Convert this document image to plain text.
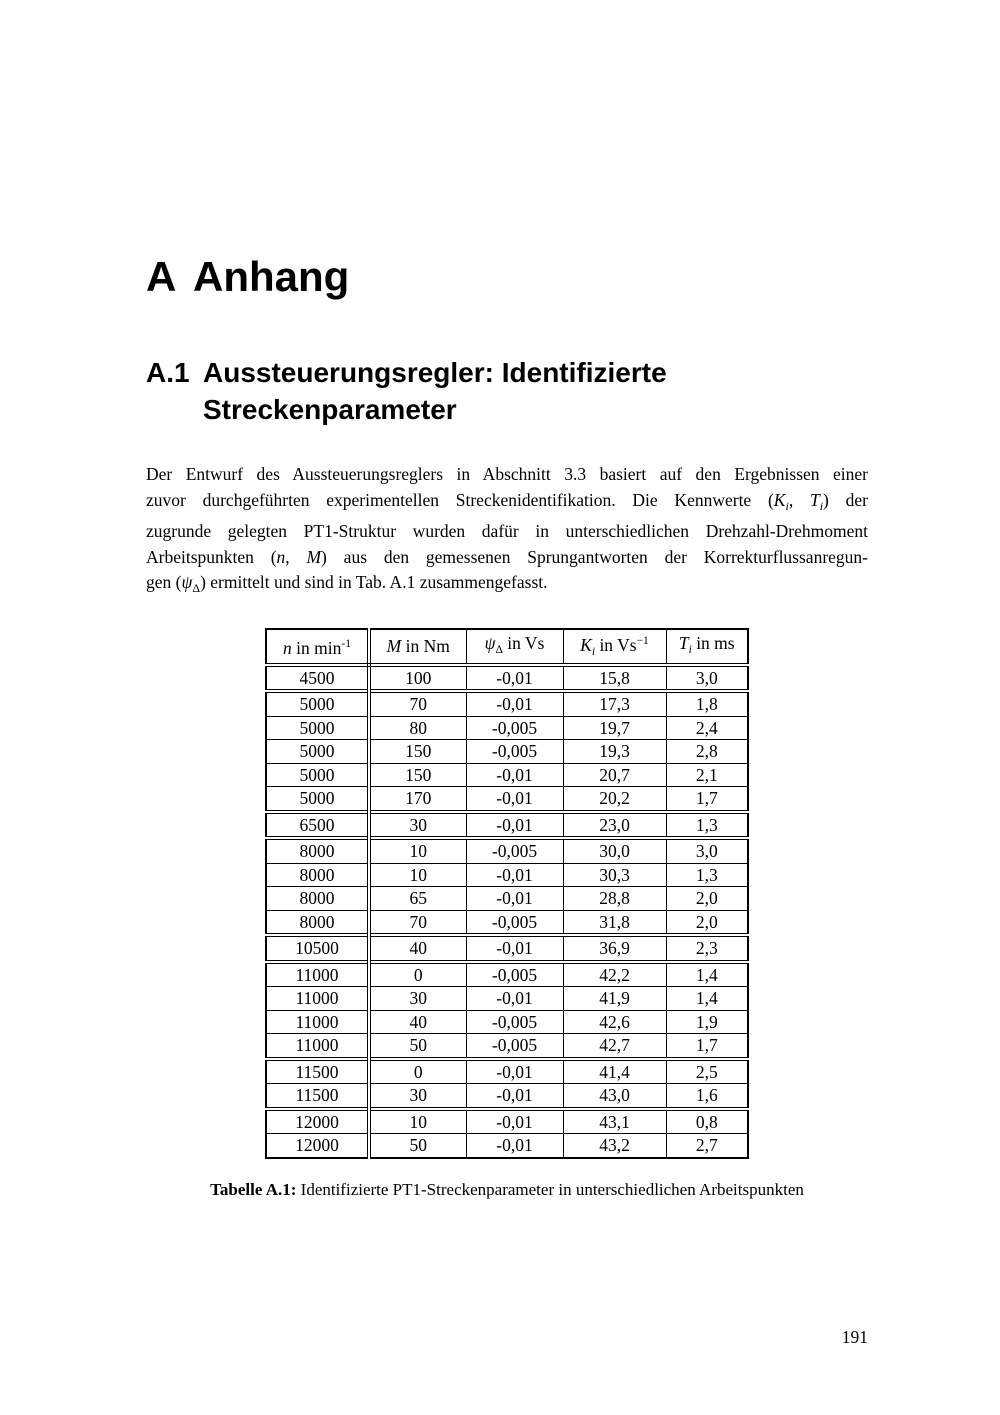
A Anhang
A.1 Aussteuerungsregler: Identifizierte
Streckenparameter
Der Entwurf des Aussteuerungsreglers in Abschnitt 3.3 basiert auf den Ergebnissen einer
zuvor durchgeführten experimentellen Streckenidentifikation. Die Kennwerte ($K_i$, $T_i$) der
zugrunde gelegten PT1-Struktur wurden dafür in unterschiedlichen Drehzahl-Drehmoment
Arbeitspunkten (n, M) aus den gemessenen Sprungantworten der Korrekturflussanregun-
gen $(\psi_\Delta)$ ermittelt und sind in Tab. A.1 zusammengefasst.
n in $\min^{-1}$	M in Nm	$\psi_\Delta$ in Vs	$K_i$ in $Vs^{-1}$	$T_i$ in ms
4500	100	-0,01	15,8	3,0
5000	70	-0,01	17,3	1,8
5000	80	-0,005	19,7	2,4
5000	150	-0,005	19,3	2,8
5000	150	-0,01	20,7	2,1
5000	170	-0,01	20,2	1,7
6500	30	-0,01	23,0	1,3
8000	10	-0,005	30,0	3,0
8000	10	-0,01	30,3	1,3
8000	65	-0,01	28,8	2,0
8000	70	-0,005	31,8	2,0
10500	40	-0,01	36,9	2,3
11000	0	-0,005	42,2	1,4
11000	30	-0,01	41,9	1,4
11000	40	-0,005	42,6	1,9
11000	50	-0,005	42,7	1,7
11500	0	-0,01	41,4	2,5
11500	30	-0,01	43,0	1,6
12000	10	-0,01	43,1	0,8
12000	50	-0,01	43,2	2,7
Tabelle A.1: Identifizierte PT1-Streckenparameter in unterschiedlichen Arbeitspunkten
191
